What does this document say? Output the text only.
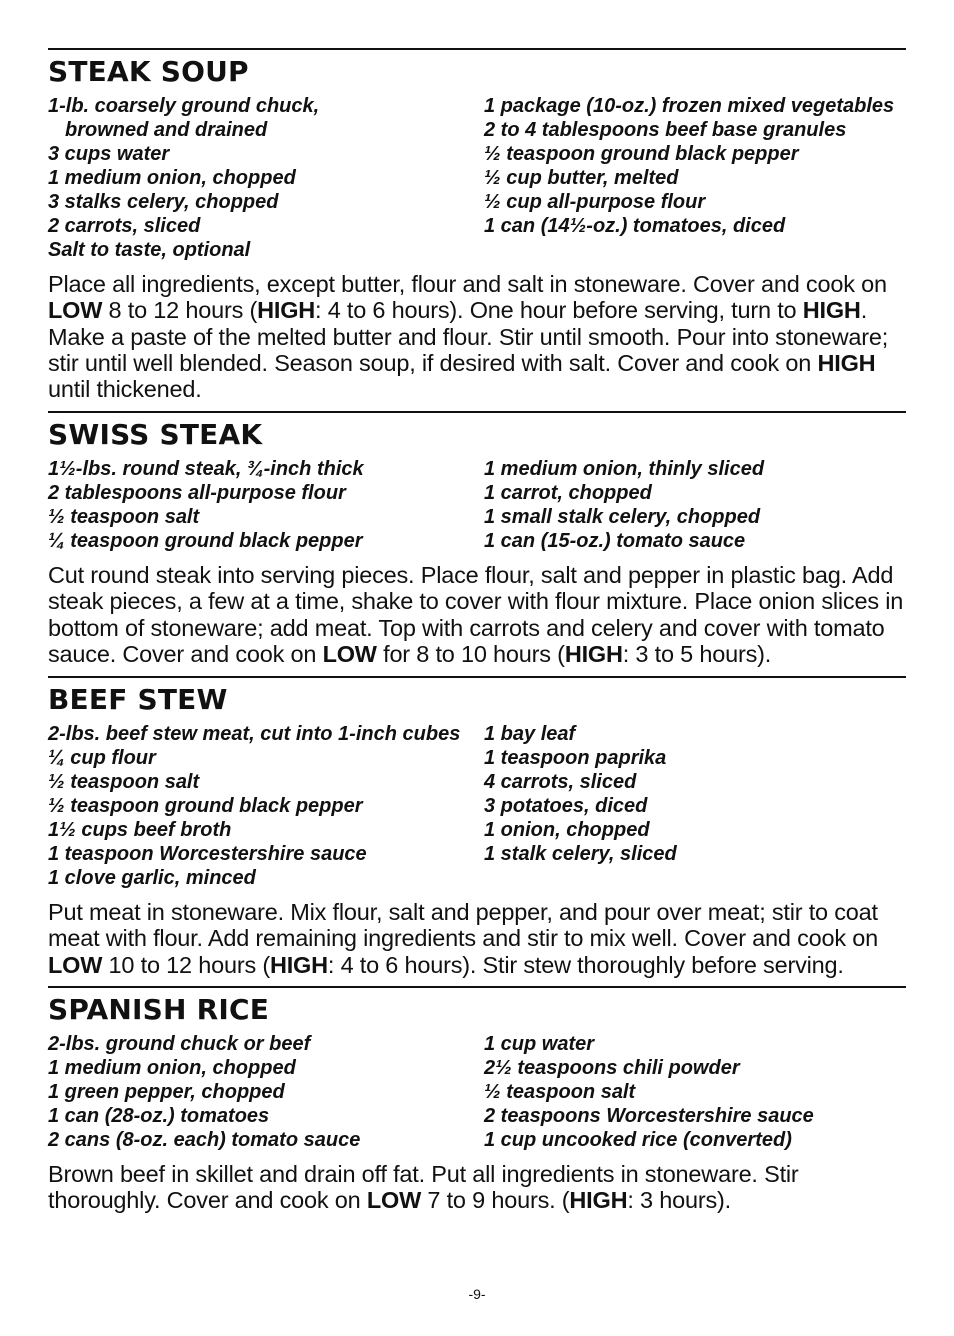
STEAK SOUP
1-lb. coarsely ground chuck,
browned and drained
3 cups water
1 medium onion, chopped
3 stalks celery, chopped
2 carrots, sliced
Salt to taste, optional
1 package (10-oz.) frozen mixed vegetables
2 to 4 tablespoons beef base granules
½ teaspoon ground black pepper
½ cup butter, melted
½ cup all-purpose flour
1 can (14½-oz.) tomatoes, diced

Place all ingredients, except butter, flour and salt in stoneware. Cover and cook on LOW 8 to 12 hours (HIGH: 4 to 6 hours). One hour before serving, turn to HIGH. Make a paste of the melted butter and flour. Stir until smooth. Pour into stoneware; stir until well blended. Season soup, if desired with salt. Cover and cook on HIGH until thickened.

SWISS STEAK
1½-lbs. round steak, ¾-inch thick
2 tablespoons all-purpose flour
½ teaspoon salt
¼ teaspoon ground black pepper
1 medium onion, thinly sliced
1 carrot, chopped
1 small stalk celery, chopped
1 can (15-oz.) tomato sauce

Cut round steak into serving pieces. Place flour, salt and pepper in plastic bag. Add steak pieces, a few at a time, shake to cover with flour mixture. Place onion slices in bottom of stoneware; add meat. Top with carrots and celery and cover with tomato sauce. Cover and cook on LOW for 8 to 10 hours (HIGH: 3 to 5 hours).

BEEF STEW
2-lbs. beef stew meat, cut into 1-inch cubes
¼ cup flour
½ teaspoon salt
½ teaspoon ground black pepper
1½ cups beef broth
1 teaspoon Worcestershire sauce
1 clove garlic, minced
1 bay leaf
1 teaspoon paprika
4 carrots, sliced
3 potatoes, diced
1 onion, chopped
1 stalk celery, sliced

Put meat in stoneware. Mix flour, salt and pepper, and pour over meat; stir to coat meat with flour. Add remaining ingredients and stir to mix well. Cover and cook on LOW 10 to 12 hours (HIGH: 4 to 6 hours). Stir stew thoroughly before serving.

SPANISH RICE
2-lbs. ground chuck or beef
1 medium onion, chopped
1 green pepper, chopped
1 can (28-oz.) tomatoes
2 cans (8-oz. each) tomato sauce
1 cup water
2½ teaspoons chili powder
½ teaspoon salt
2 teaspoons Worcestershire sauce
1 cup uncooked rice (converted)

Brown beef in skillet and drain off fat. Put all ingredients in stoneware. Stir thoroughly. Cover and cook on LOW 7 to 9 hours. (HIGH: 3 hours).

-9-
